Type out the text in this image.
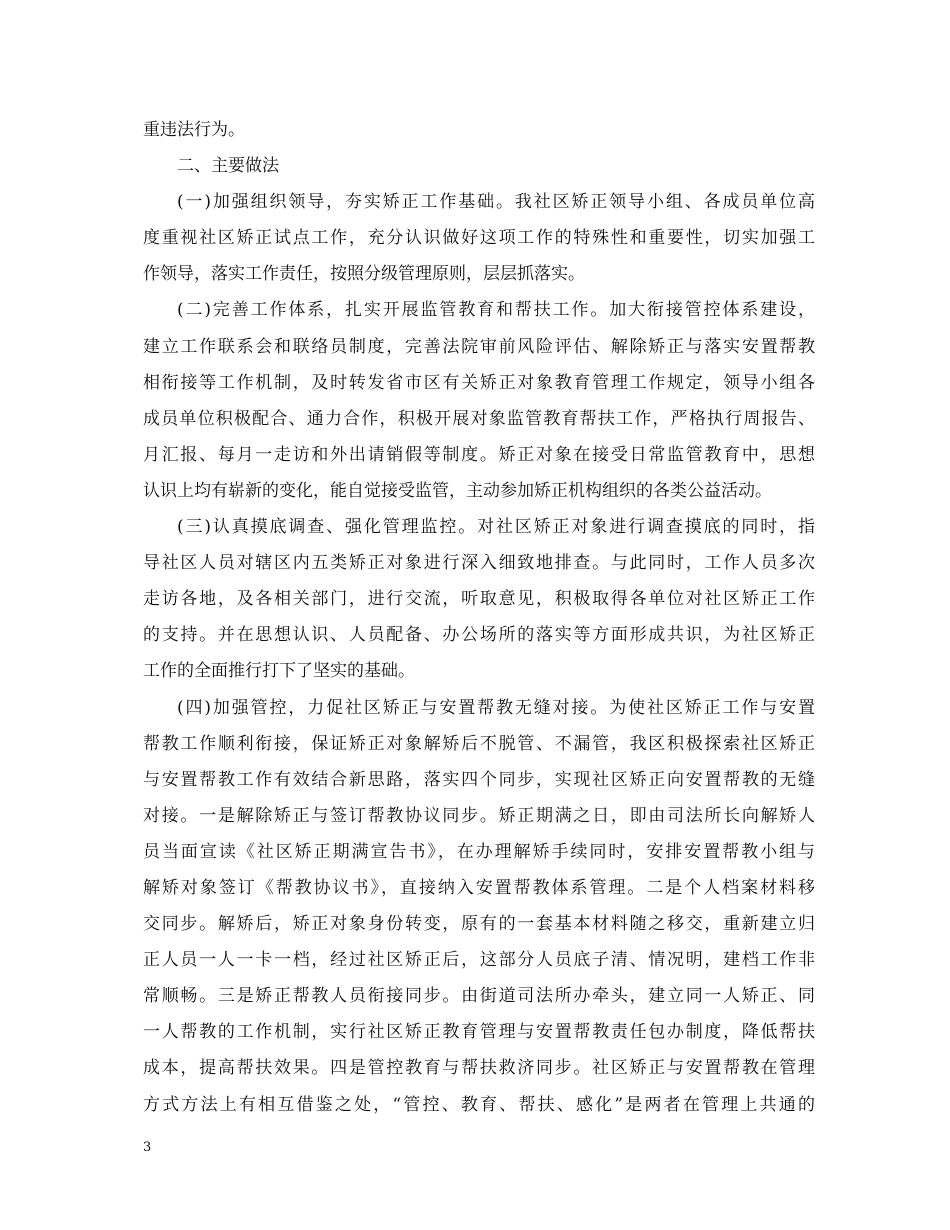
重违法行为。
二、主要做法
(一)加强组织领导，夯实矫正工作基础。我社区矫正领导小组、各成员单位高
度重视社区矫正试点工作，充分认识做好这项工作的特殊性和重要性，切实加强工
作领导，落实工作责任，按照分级管理原则，层层抓落实。
(二)完善工作体系，扎实开展监管教育和帮扶工作。加大衔接管控体系建设，
建立工作联系会和联络员制度，完善法院审前风险评估、解除矫正与落实安置帮教
相衔接等工作机制，及时转发省市区有关矫正对象教育管理工作规定，领导小组各
成员单位积极配合、通力合作，积极开展对象监管教育帮扶工作，严格执行周报告、
月汇报、每月一走访和外出请销假等制度。矫正对象在接受日常监管教育中，思想
认识上均有崭新的变化，能自觉接受监管，主动参加矫正机构组织的各类公益活动。
(三)认真摸底调查、强化管理监控。对社区矫正对象进行调查摸底的同时，指
导社区人员对辖区内五类矫正对象进行深入细致地排查。与此同时，工作人员多次
走访各地，及各相关部门，进行交流，听取意见，积极取得各单位对社区矫正工作
的支持。并在思想认识、人员配备、办公场所的落实等方面形成共识，为社区矫正
工作的全面推行打下了坚实的基础。
(四)加强管控，力促社区矫正与安置帮教无缝对接。为使社区矫正工作与安置
帮教工作顺利衔接，保证矫正对象解矫后不脱管、不漏管，我区积极探索社区矫正
与安置帮教工作有效结合新思路，落实四个同步，实现社区矫正向安置帮教的无缝
对接。一是解除矫正与签订帮教协议同步。矫正期满之日，即由司法所长向解矫人
员当面宣读《社区矫正期满宣告书》，在办理解矫手续同时，安排安置帮教小组与
解矫对象签订《帮教协议书》，直接纳入安置帮教体系管理。二是个人档案材料移
交同步。解矫后，矫正对象身份转变，原有的一套基本材料随之移交，重新建立归
正人员一人一卡一档，经过社区矫正后，这部分人员底子清、情况明，建档工作非
常顺畅。三是矫正帮教人员衔接同步。由街道司法所办牵头，建立同一人矫正、同
一人帮教的工作机制，实行社区矫正教育管理与安置帮教责任包办制度，降低帮扶
成本，提高帮扶效果。四是管控教育与帮扶救济同步。社区矫正与安置帮教在管理
方式方法上有相互借鉴之处，“管控、教育、帮扶、感化”是两者在管理上共通的
3
